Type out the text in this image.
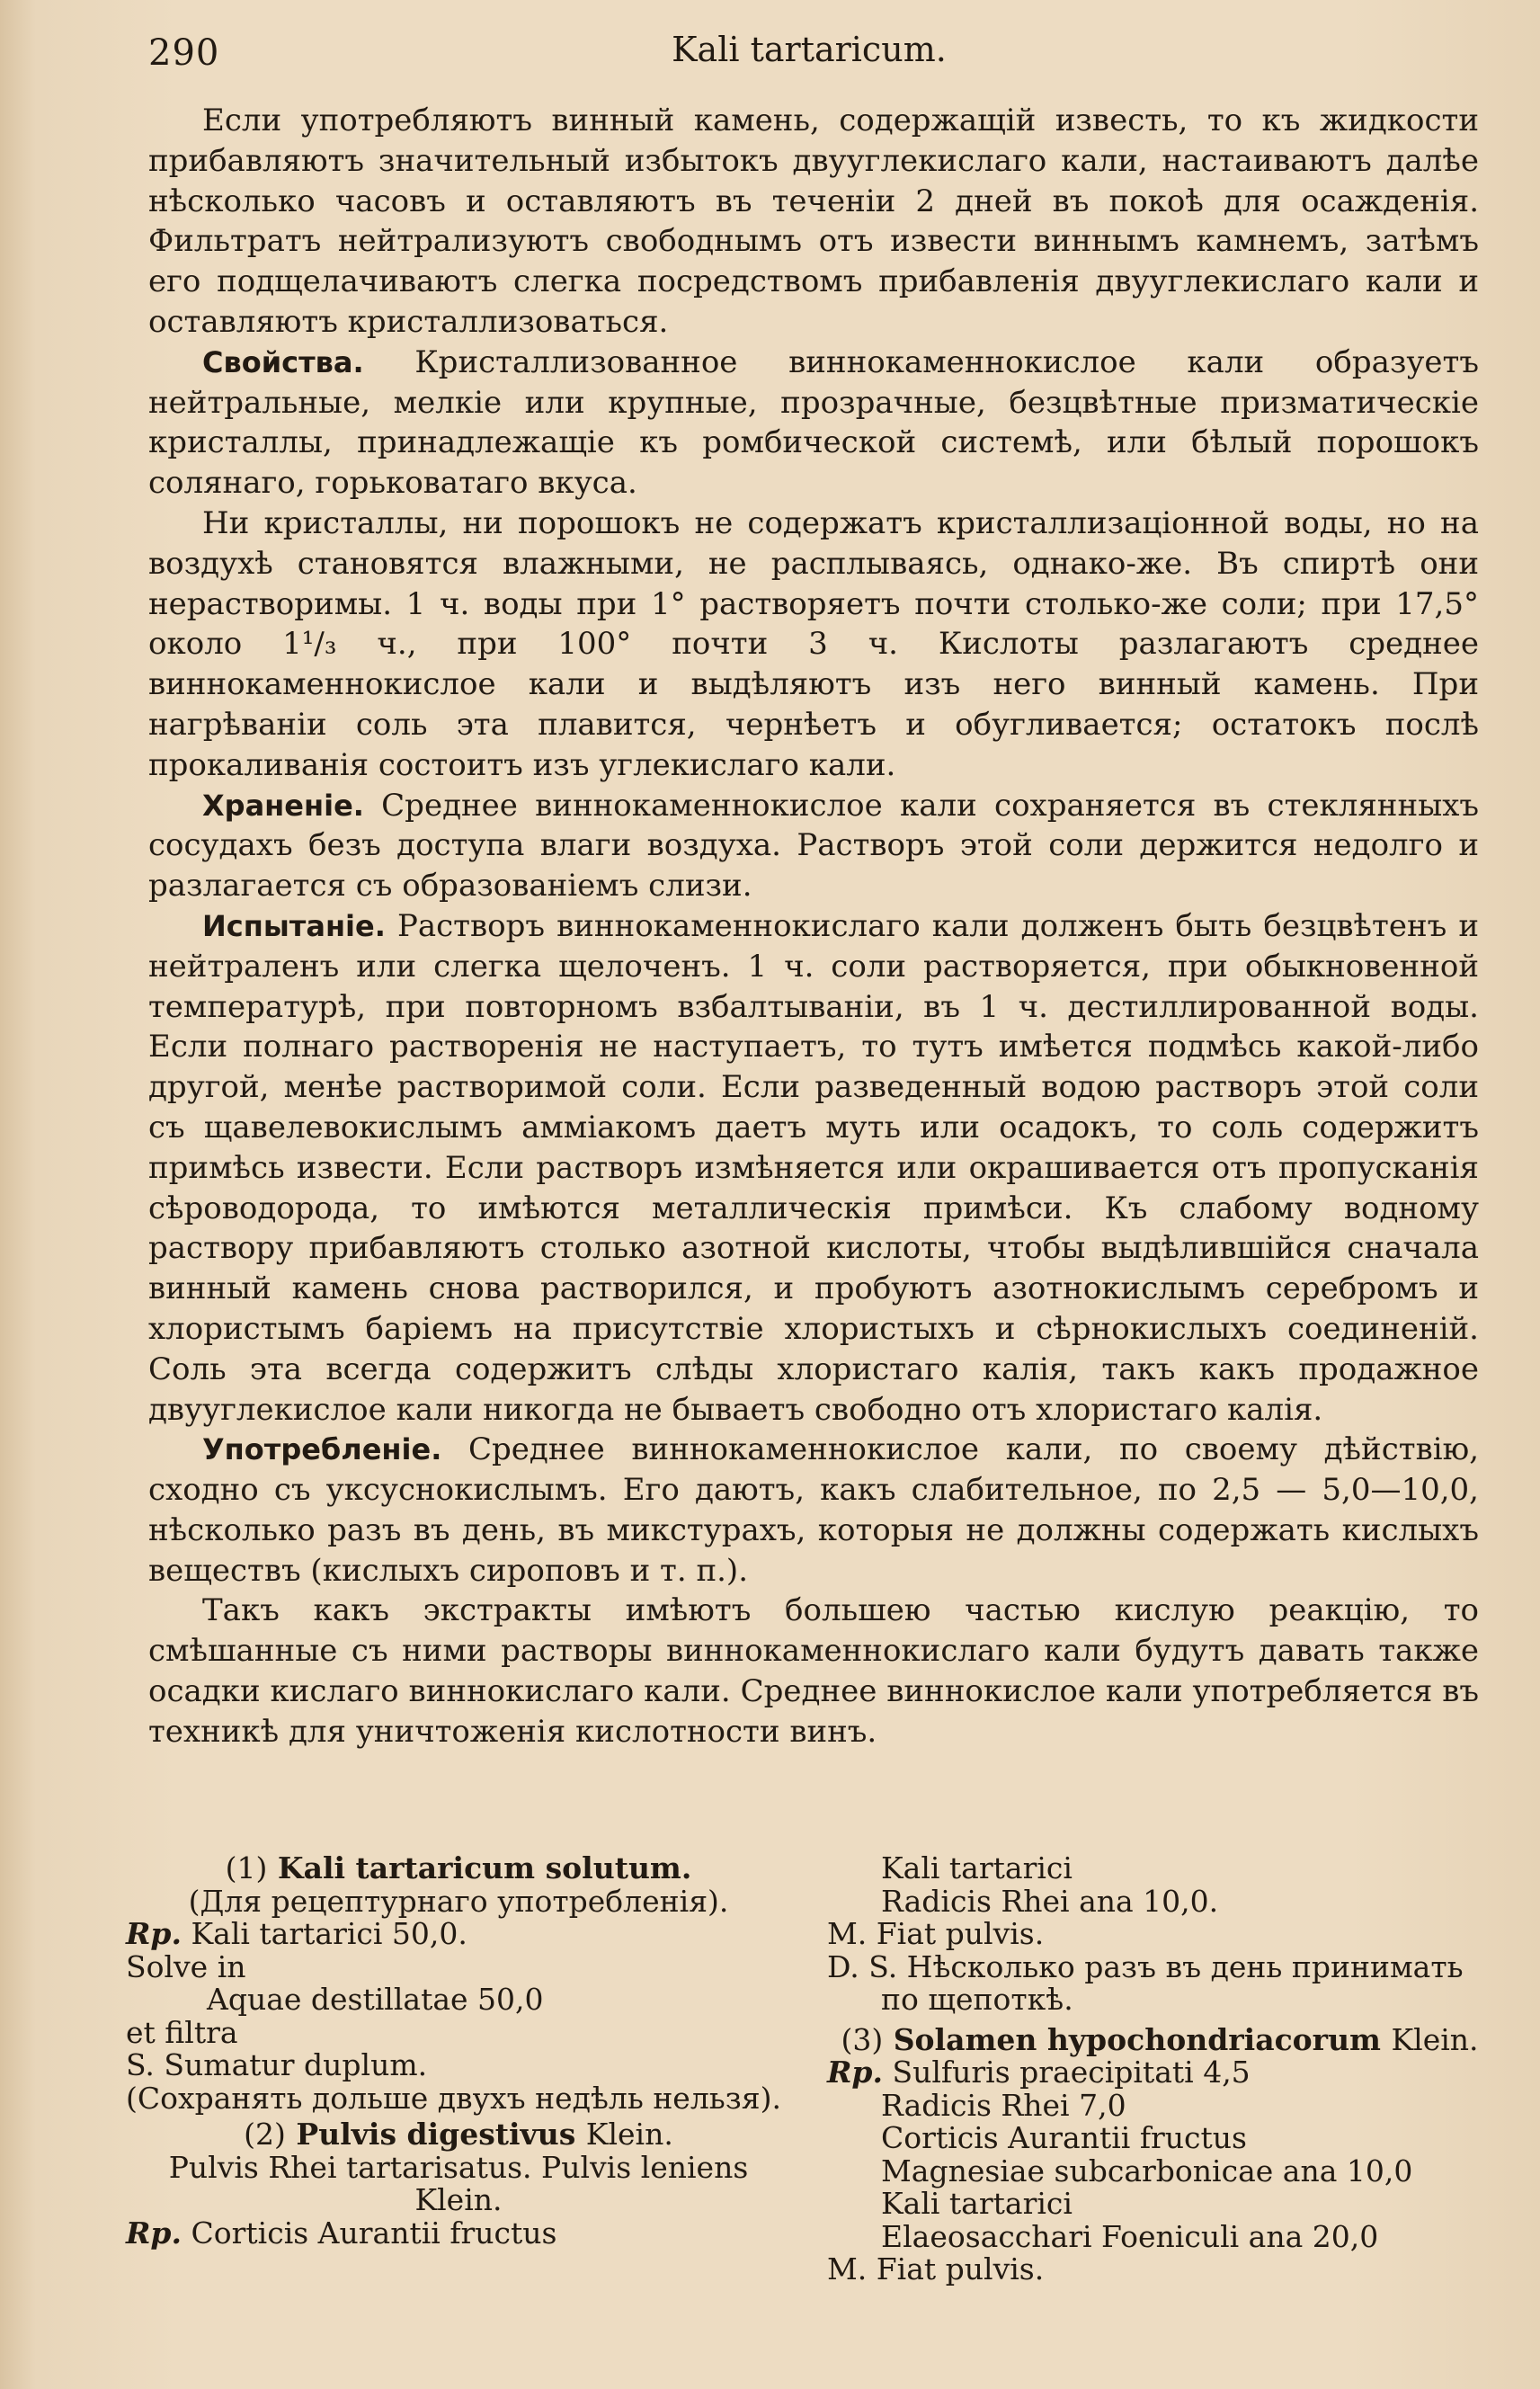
290	Kali tartaricum.

Если употребляютъ винный камень, содержащій известь, то къ жидкости прибавляютъ значительный избытокъ двууглекислаго кали, настаиваютъ далѣе нѣсколько часовъ и оставляютъ въ теченіи 2 дней въ покоѣ для осажденія. Фильтратъ нейтрализуютъ свободнымъ отъ извести виннымъ камнемъ, затѣмъ его подщелачиваютъ слегка посредствомъ прибавленія двууглекислаго кали и оставляютъ кристаллизоваться.

Свойства. Кристаллизованное виннокаменнокислое кали образуетъ нейтральные, мелкіе или крупные, прозрачные, безцвѣтные призматическіе кристаллы, принадлежащіе къ ромбической системѣ, или бѣлый порошокъ солянаго, горьковатаго вкуса.

Ни кристаллы, ни порошокъ не содержатъ кристаллизаціонной воды, но на воздухѣ становятся влажными, не расплываясь, однако-же. Въ спиртѣ они нерастворимы. 1 ч. воды при 1° растворяетъ почти столько-же соли; при 17,5° около 1¹/₃ ч., при 100° почти 3 ч. Кислоты разлагаютъ среднее виннокаменнокислое кали и выдѣляютъ изъ него винный камень. При нагрѣваніи соль эта плавится, чернѣетъ и обугливается; остатокъ послѣ прокаливанія состоитъ изъ углекислаго кали.

Храненіе. Среднее виннокаменнокислое кали сохраняется въ стеклянныхъ сосудахъ безъ доступа влаги воздуха. Растворъ этой соли держится недолго и разлагается съ образованіемъ слизи.

Испытаніе. Растворъ виннокаменнокислаго кали долженъ быть безцвѣтенъ и нейтраленъ или слегка щелоченъ. 1 ч. соли растворяется, при обыкновенной температурѣ, при повторномъ взбалтываніи, въ 1 ч. дестиллированной воды. Если полнаго растворенія не наступаетъ, то тутъ имѣется подмѣсь какой-либо другой, менѣе растворимой соли. Если разведенный водою растворъ этой соли съ щавелевокислымъ амміакомъ даетъ муть или осадокъ, то соль содержитъ примѣсь извести. Если растворъ измѣняется или окрашивается отъ пропусканія сѣроводорода, то имѣются металлическія примѣси. Къ слабому водному раствору прибавляютъ столько азотной кислоты, чтобы выдѣлившійся сначала винный камень снова растворился, и пробуютъ азотнокислымъ серебромъ и хлористымъ баріемъ на присутствіе хлористыхъ и сѣрнокислыхъ соединеній. Соль эта всегда содержитъ слѣды хлористаго калія, такъ какъ продажное двууглекислое кали никогда не бываетъ свободно отъ хлористаго калія.

Употребленіе. Среднее виннокаменнокислое кали, по своему дѣйствію, сходно съ уксуснокислымъ. Его даютъ, какъ слабительное, по 2,5 — 5,0—10,0, нѣсколько разъ въ день, въ микстурахъ, которыя не должны содержать кислыхъ веществъ (кислыхъ сироповъ и т. п.).

Такъ какъ экстракты имѣютъ большею частью кислую реакцію, то смѣшанные съ ними растворы виннокаменнокислаго кали будутъ давать также осадки кислаго виннокислаго кали. Среднее виннокислое кали употребляется въ техникѣ для уничтоженія кислотности винъ.

(1) Kali tartaricum solutum.
(Для рецептурнаго употребленія).
Rp. Kali tartarici 50,0.
Solve in
Aquae destillatae 50,0
et filtra
S. Sumatur duplum.
(Сохранять дольше двухъ недѣль нельзя).
(2) Pulvis digestivus Klein.
Pulvis Rhei tartarisatus. Pulvis leniens
Klein.
Rp. Corticis Aurantii fructus
Kali tartarici
Radicis Rhei ana 10,0.
M. Fiat pulvis.
D. S. Нѣсколько разъ въ день принимать по щепоткѣ.
(3) Solamen hypochondriacorum Klein.
Rp. Sulfuris praecipitati 4,5
Radicis Rhei 7,0
Corticis Aurantii fructus
Magnesiae subcarbonicae ana 10,0
Kali tartarici
Elaeosacchari Foeniculi ana 20,0
M. Fiat pulvis.
